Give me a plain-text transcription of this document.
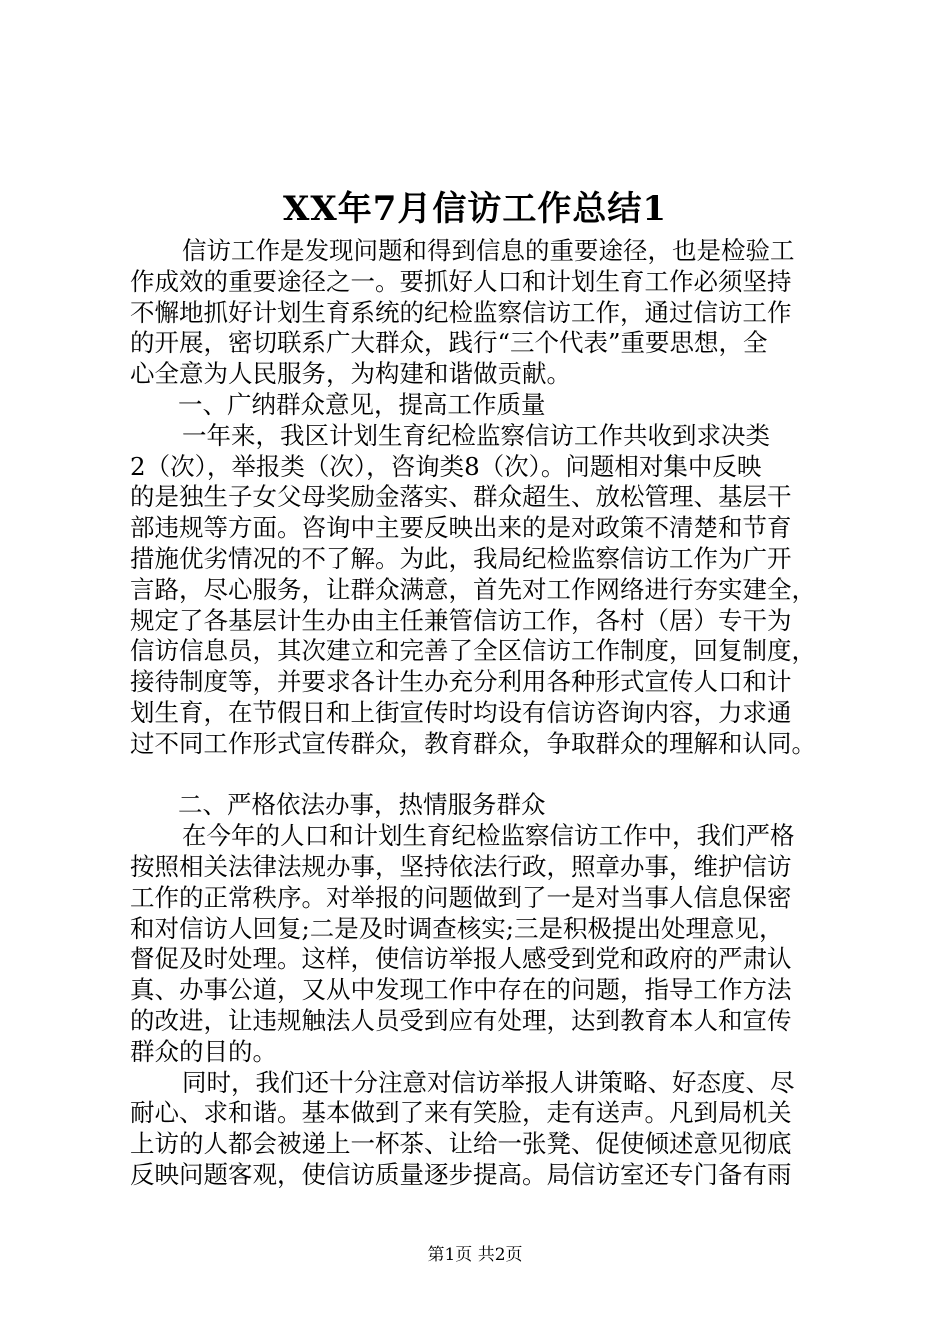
XX年7月信访工作总结1
信访工作是发现问题和得到信息的重要途径，也是检验工
作成效的重要途径之一。要抓好人口和计划生育工作必须坚持
不懈地抓好计划生育系统的纪检监察信访工作，通过信访工作
的开展，密切联系广大群众，践行“三个代表”重要思想，全
心全意为人民服务，为构建和谐做贡献。
一、广纳群众意见，提高工作质量
一年来，我区计划生育纪检监察信访工作共收到求决类
2（次），举报类（次），咨询类8（次）。问题相对集中反映
的是独生子女父母奖励金落实、群众超生、放松管理、基层干
部违规等方面。咨询中主要反映出来的是对政策不清楚和节育
措施优劣情况的不了解。为此，我局纪检监察信访工作为广开
言路，尽心服务，让群众满意，首先对工作网络进行夯实建全，
规定了各基层计生办由主任兼管信访工作，各村（居）专干为
信访信息员，其次建立和完善了全区信访工作制度，回复制度，
接待制度等，并要求各计生办充分利用各种形式宣传人口和计
划生育，在节假日和上街宣传时均设有信访咨询内容，力求通
过不同工作形式宣传群众，教育群众，争取群众的理解和认同。
二、严格依法办事，热情服务群众
在今年的人口和计划生育纪检监察信访工作中，我们严格
按照相关法律法规办事，坚持依法行政，照章办事，维护信访
工作的正常秩序。对举报的问题做到了一是对当事人信息保密
和对信访人回复;二是及时调查核实;三是积极提出处理意见，
督促及时处理。这样，使信访举报人感受到党和政府的严肃认
真、办事公道，又从中发现工作中存在的问题，指导工作方法
的改进，让违规触法人员受到应有处理，达到教育本人和宣传
群众的目的。
同时，我们还十分注意对信访举报人讲策略、好态度、尽
耐心、求和谐。基本做到了来有笑脸，走有送声。凡到局机关
上访的人都会被递上一杯茶、让给一张凳、促使倾述意见彻底
反映问题客观，使信访质量逐步提高。局信访室还专门备有雨
第1页 共2页
